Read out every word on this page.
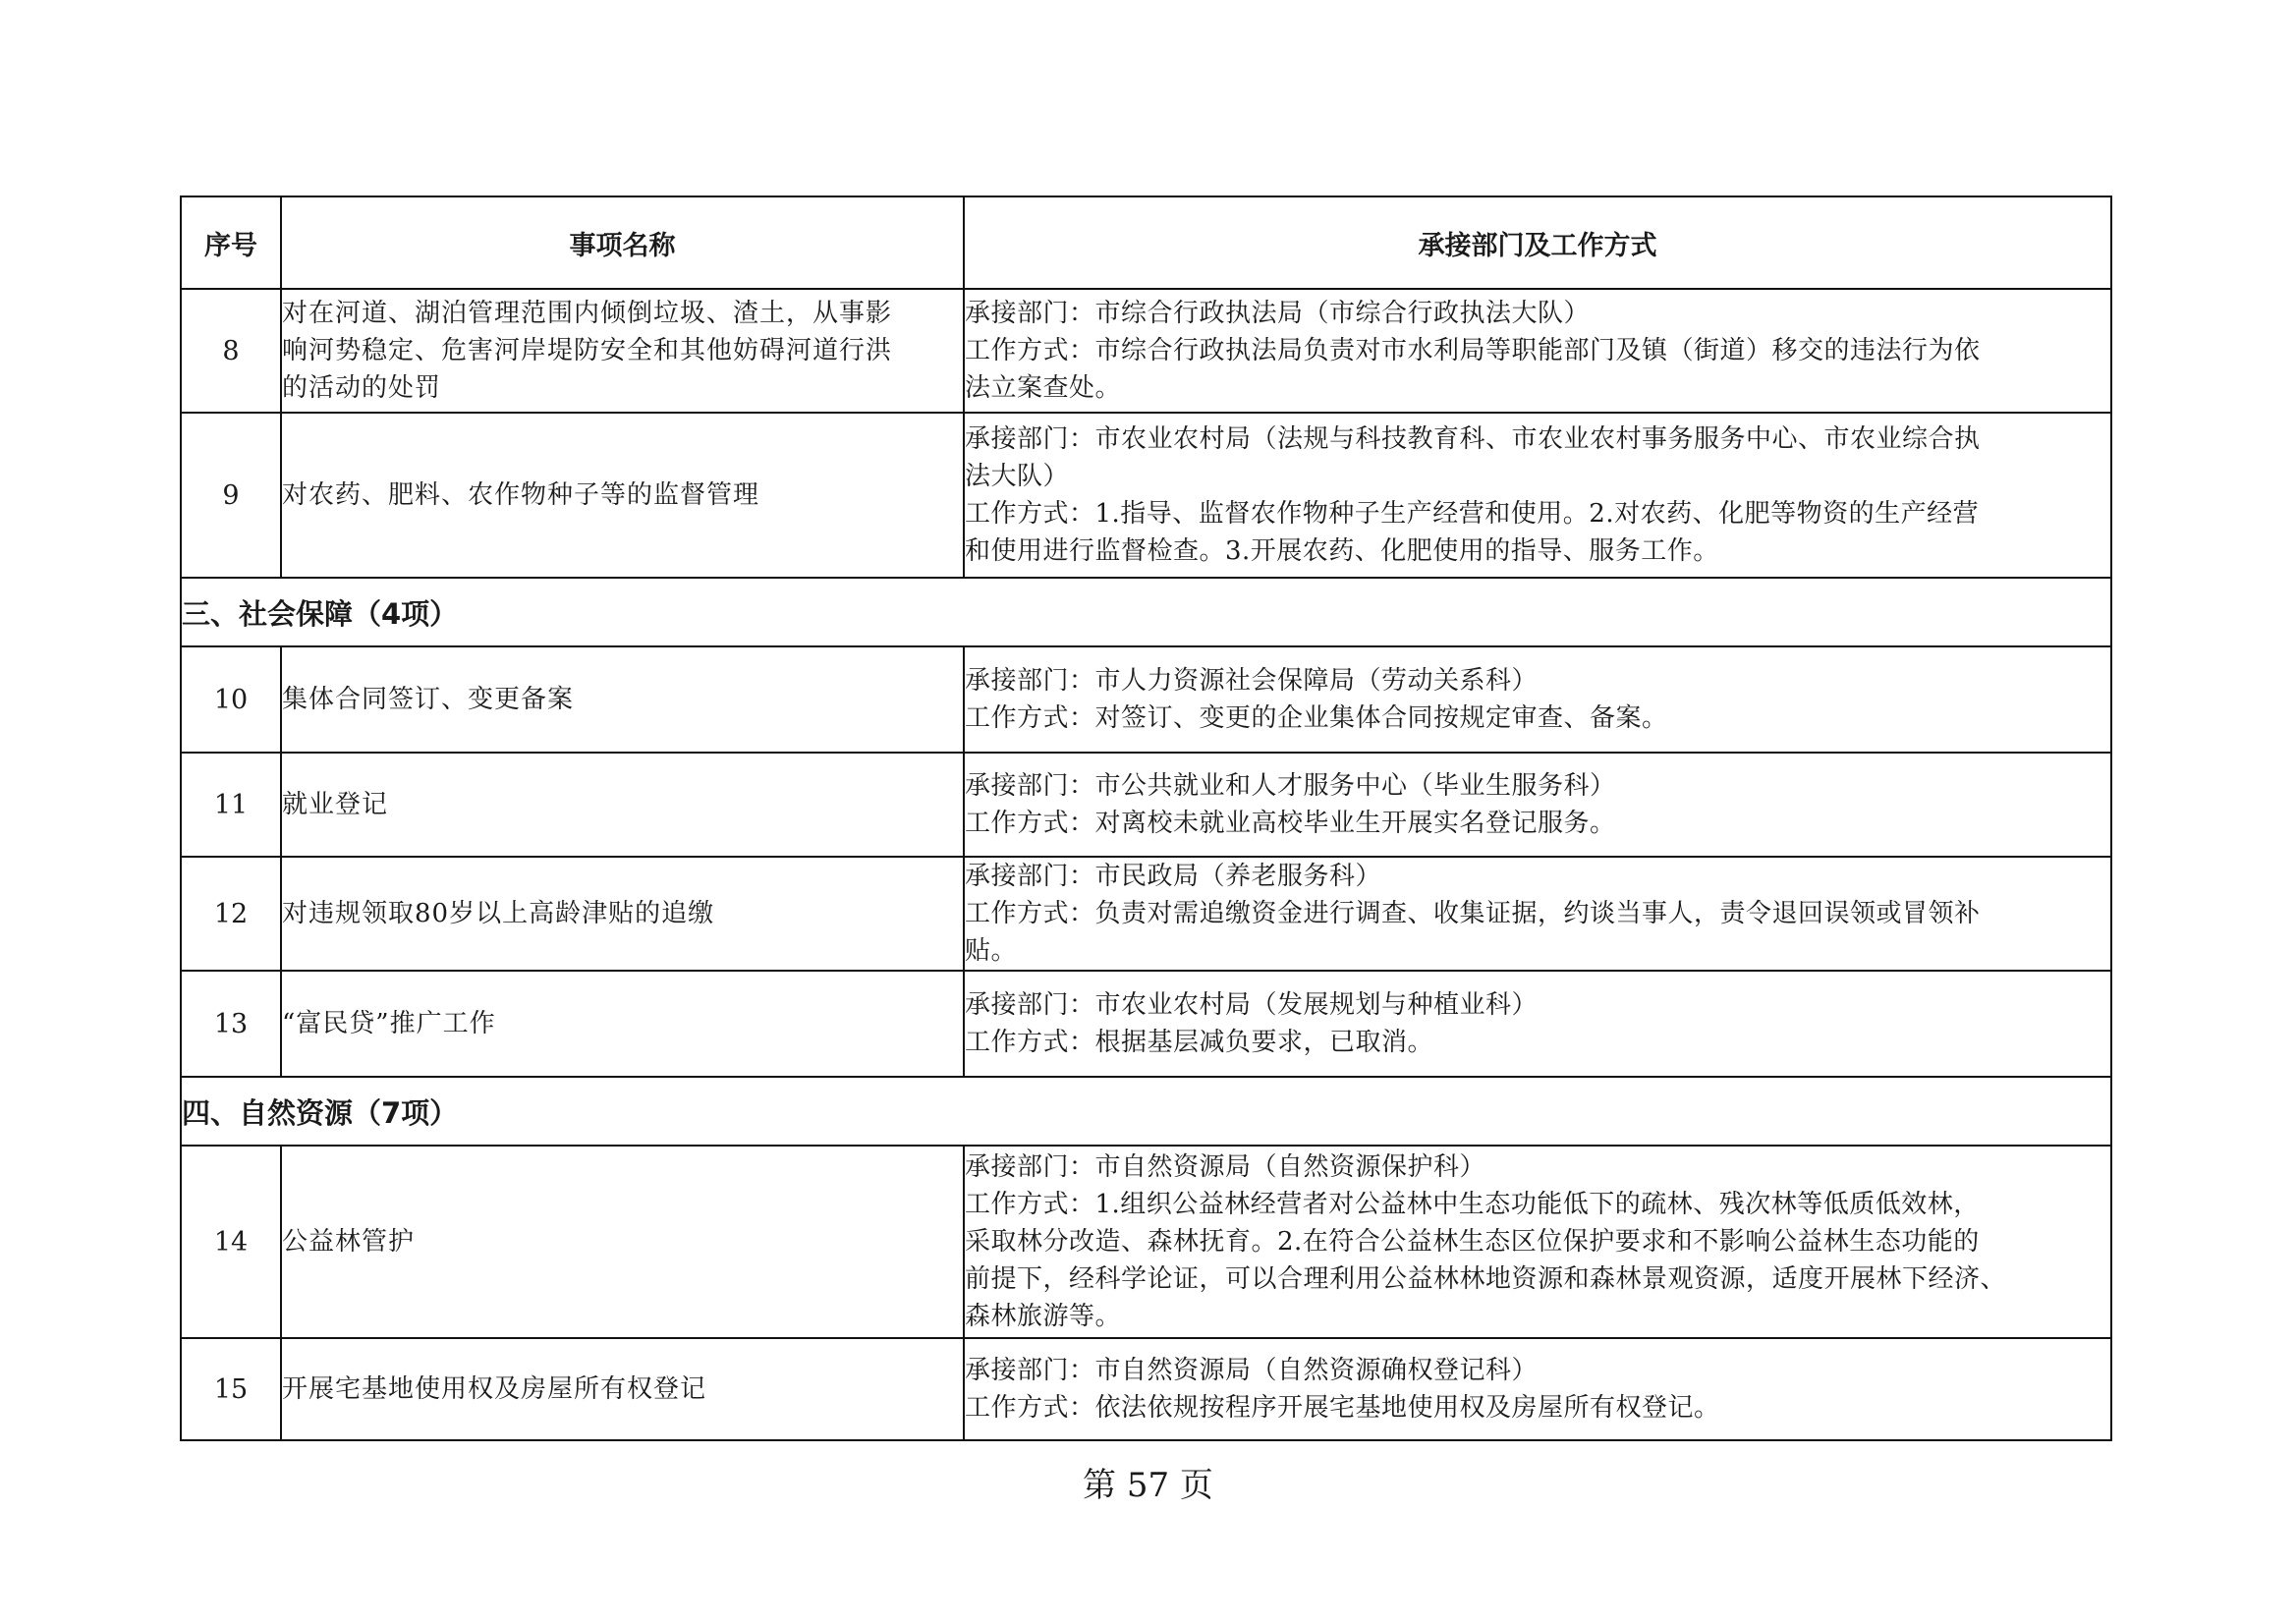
序号	事项名称	承接部门及工作方式
8	对在河道、湖泊管理范围内倾倒垃圾、渣土，从事影
响河势稳定、危害河岸堤防安全和其他妨碍河道行洪
的活动的处罚	承接部门：市综合行政执法局（市综合行政执法大队）
工作方式：市综合行政执法局负责对市水利局等职能部门及镇（街道）移交的违法行为依
法立案查处。

9	对农药、肥料、农作物种子等的监督管理	承接部门：市农业农村局（法规与科技教育科、市农业农村事务服务中心、市农业综合执
法大队）
工作方式：1.指导、监督农作物种子生产经营和使用。2.对农药、化肥等物资的生产经营
和使用进行监督检查。3.开展农药、化肥使用的指导、服务工作。

三、社会保障（4项）		
10	集体合同签订、变更备案	承接部门：市人力资源社会保障局（劳动关系科）
工作方式：对签订、变更的企业集体合同按规定审查、备案。

11	就业登记	承接部门：市公共就业和人才服务中心（毕业生服务科）
工作方式：对离校未就业高校毕业生开展实名登记服务。

12	对违规领取80岁以上高龄津贴的追缴	承接部门：市民政局（养老服务科）
工作方式：负责对需追缴资金进行调查、收集证据，约谈当事人，责令退回误领或冒领补
贴。

13	“富民贷”推广工作	承接部门：市农业农村局（发展规划与种植业科）
工作方式：根据基层减负要求，已取消。

四、自然资源（7项）		
14	公益林管护	承接部门：市自然资源局（自然资源保护科）
工作方式：1.组织公益林经营者对公益林中生态功能低下的疏林、残次林等低质低效林，
采取林分改造、森林抚育。2.在符合公益林生态区位保护要求和不影响公益林生态功能的
前提下，经科学论证，可以合理利用公益林林地资源和森林景观资源，适度开展林下经济、
森林旅游等。

15	开展宅基地使用权及房屋所有权登记	承接部门：市自然资源局（自然资源确权登记科）
工作方式：依法依规按程序开展宅基地使用权及房屋所有权登记。
第 57 页
